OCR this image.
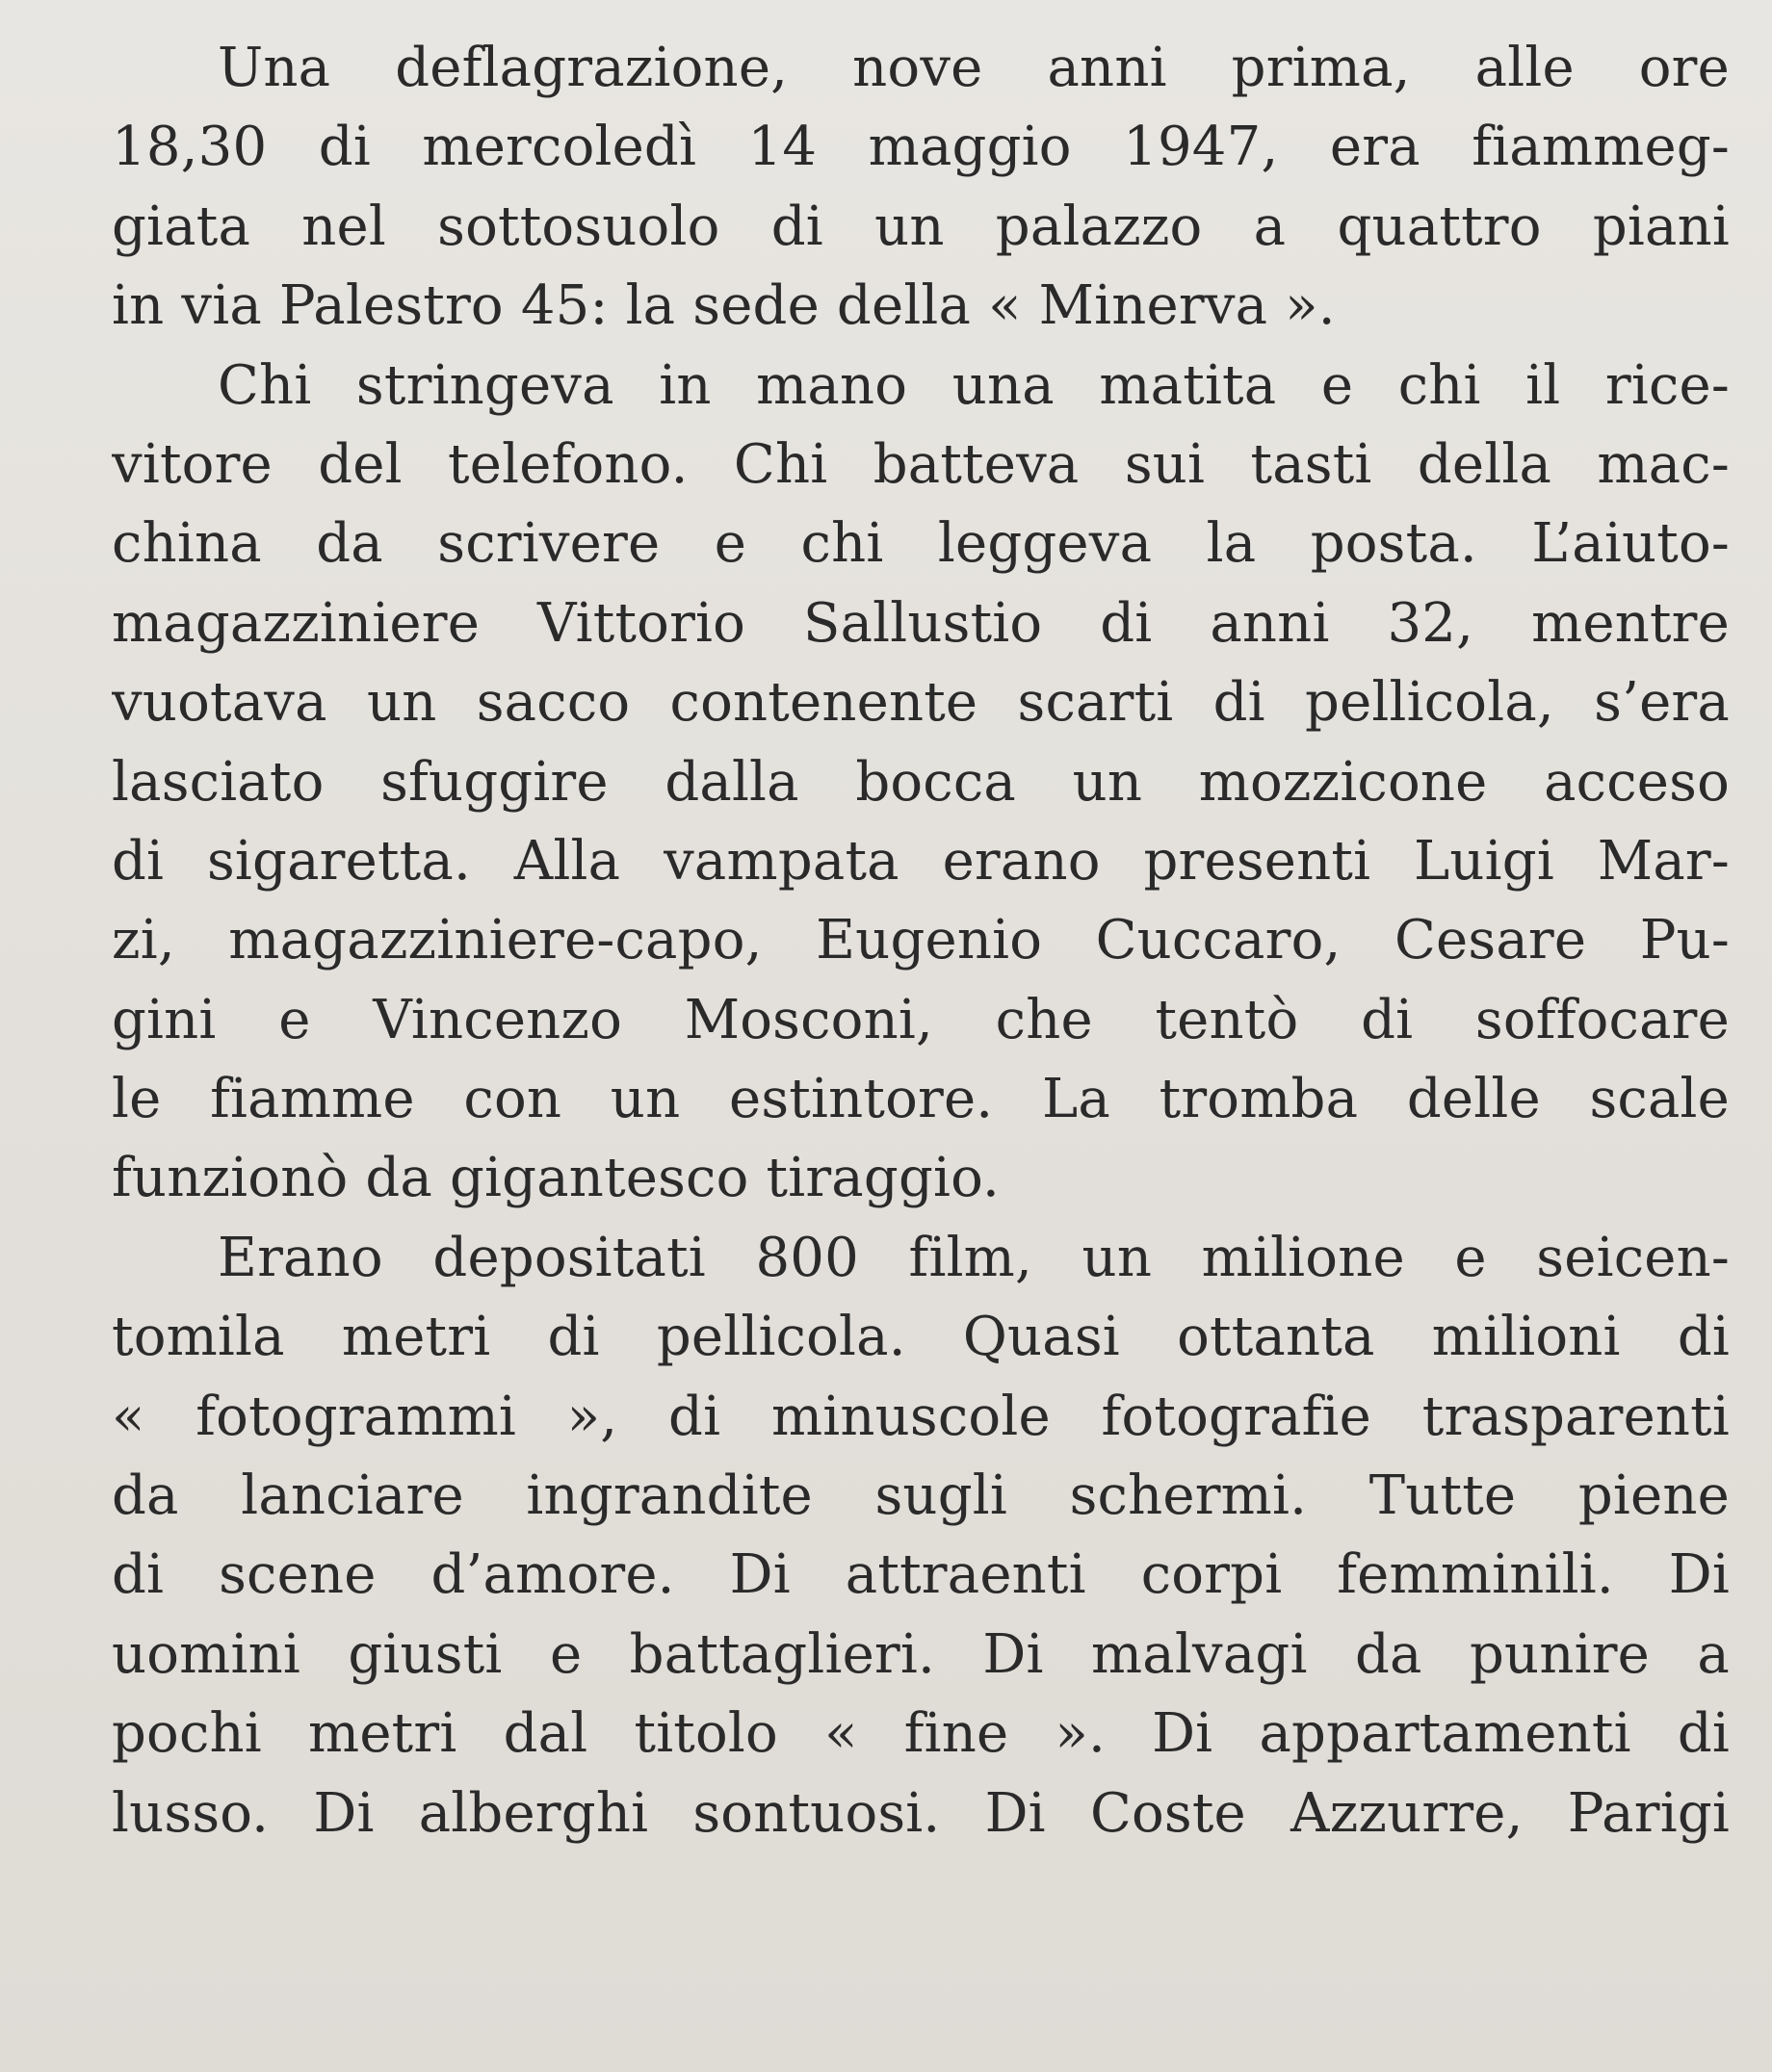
Una deflagrazione, nove anni prima, alle ore
18,30 di mercoledì 14 maggio 1947, era fiammeg-
giata nel sottosuolo di un palazzo a quattro piani
in via Palestro 45: la sede della « Minerva ».
Chi stringeva in mano una matita e chi il rice-
vitore del telefono. Chi batteva sui tasti della mac-
china da scrivere e chi leggeva la posta. L’aiuto-
magazziniere Vittorio Sallustio di anni 32, mentre
vuotava un sacco contenente scarti di pellicola, s’era
lasciato sfuggire dalla bocca un mozzicone acceso
di sigaretta. Alla vampata erano presenti Luigi Mar-
zi, magazziniere-capo, Eugenio Cuccaro, Cesare Pu-
gini e Vincenzo Mosconi, che tentò di soffocare
le fiamme con un estintore. La tromba delle scale
funzionò da gigantesco tiraggio.
Erano depositati 800 film, un milione e seicen-
tomila metri di pellicola. Quasi ottanta milioni di
« fotogrammi », di minuscole fotografie trasparenti
da lanciare ingrandite sugli schermi. Tutte piene
di scene d’amore. Di attraenti corpi femminili. Di
uomini giusti e battaglieri. Di malvagi da punire a
pochi metri dal titolo « fine ». Di appartamenti di
lusso. Di alberghi sontuosi. Di Coste Azzurre, Parigi
